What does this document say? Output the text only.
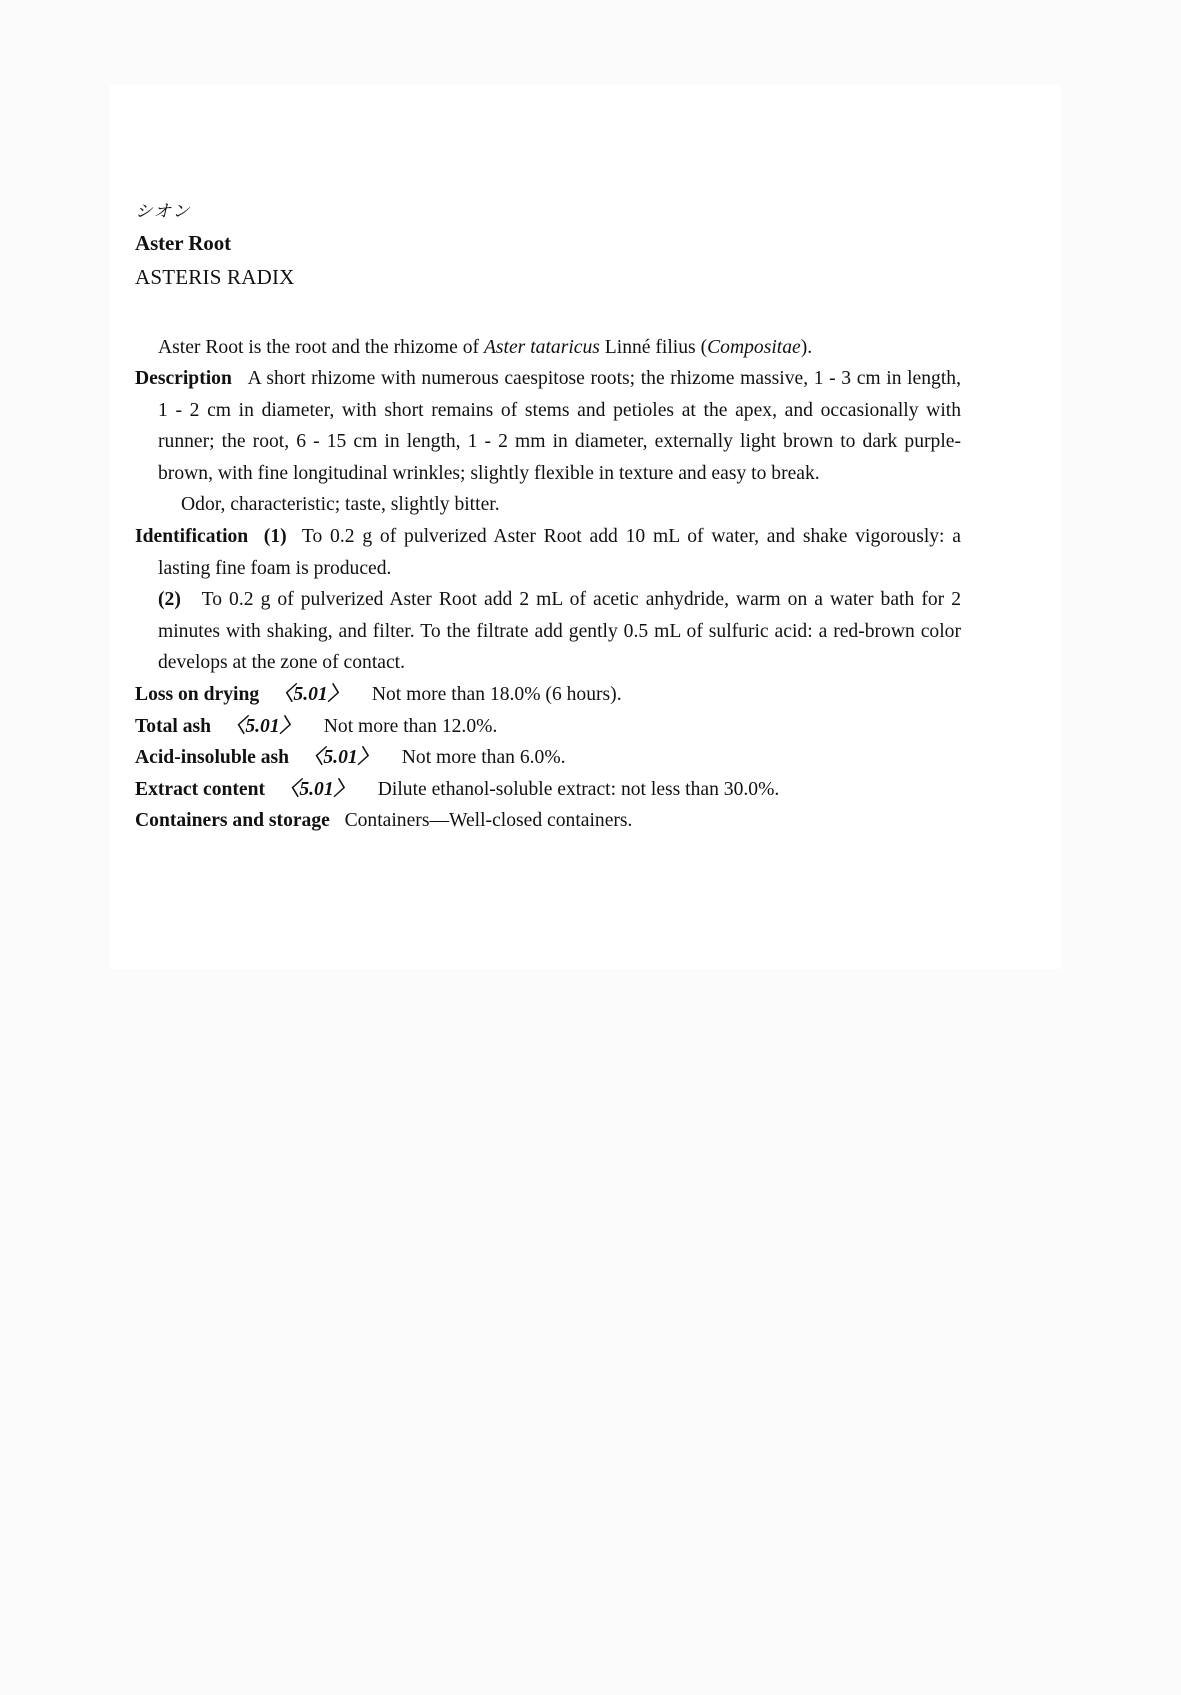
シオン
Aster Root
ASTERIS RADIX

Aster Root is the root and the rhizome of Aster tataricus Linné filius (Compositae).

Description A short rhizome with numerous caespitose roots; the rhizome massive, 1 - 3 cm in length, 1 - 2 cm in diameter, with short remains of stems and petioles at the apex, and occasionally with runner; the root, 6 - 15 cm in length, 1 - 2 mm in diameter, externally light brown to dark purple-brown, with fine longitudinal wrinkles; slightly flexible in texture and easy to break.

Odor, characteristic; taste, slightly bitter.

Identification (1) To 0.2 g of pulverized Aster Root add 10 mL of water, and shake vigorously: a lasting fine foam is produced.

(2) To 0.2 g of pulverized Aster Root add 2 mL of acetic anhydride, warm on a water bath for 2 minutes with shaking, and filter. To the filtrate add gently 0.5 mL of sulfuric acid: a red-brown color develops at the zone of contact.

Loss on drying 〈5.01〉 Not more than 18.0% (6 hours).

Total ash 〈5.01〉 Not more than 12.0%.

Acid-insoluble ash 〈5.01〉 Not more than 6.0%.

Extract content 〈5.01〉 Dilute ethanol-soluble extract: not less than 30.0%.

Containers and storage Containers—Well-closed containers.
